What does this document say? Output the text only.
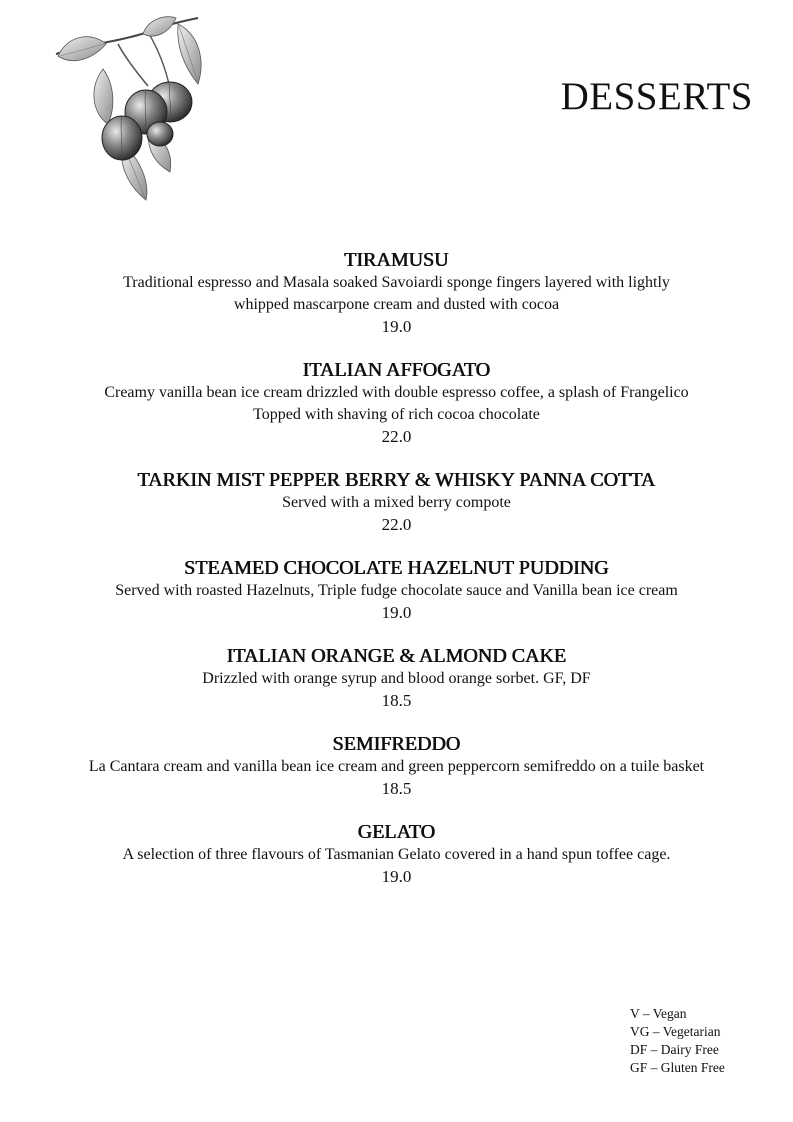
DESSERTS
TIRAMUSU
Traditional espresso and Masala soaked Savoiardi sponge fingers layered with lightly
whipped mascarpone cream and dusted with cocoa
19.0
ITALIAN AFFOGATO
Creamy vanilla bean ice cream drizzled with double espresso coffee, a splash of Frangelico
Topped with shaving of rich cocoa chocolate
22.0
TARKIN MIST PEPPER BERRY & WHISKY PANNA COTTA
Served with a mixed berry compote
22.0
STEAMED CHOCOLATE HAZELNUT PUDDING
Served with roasted Hazelnuts, Triple fudge chocolate sauce and Vanilla bean ice cream
19.0
ITALIAN ORANGE & ALMOND CAKE
Drizzled with orange syrup and blood orange sorbet. GF, DF
18.5
SEMIFREDDO
La Cantara cream and vanilla bean ice cream and green peppercorn semifreddo on a tuile basket
18.5
GELATO
A selection of three flavours of Tasmanian Gelato covered in a hand spun toffee cage.
19.0
V – Vegan
VG – Vegetarian
DF – Dairy Free
GF – Gluten Free
